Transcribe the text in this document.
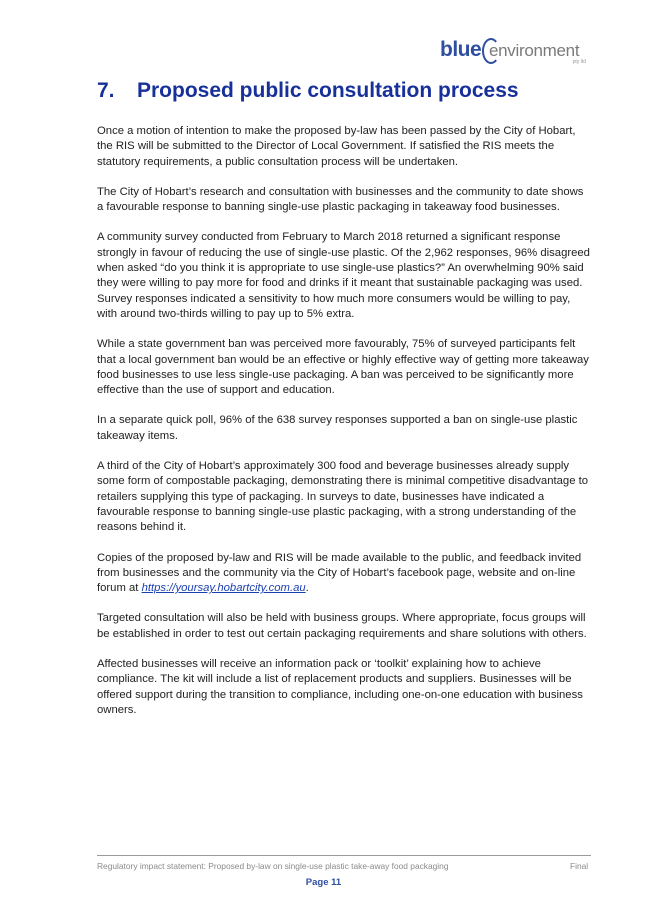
blue environment
pty ltd
7. Proposed public consultation process

Once a motion of intention to make the proposed by-law has been passed by the City of Hobart, the RIS will be submitted to the Director of Local Government. If satisfied the RIS meets the statutory requirements, a public consultation process will be undertaken.

The City of Hobart’s research and consultation with businesses and the community to date shows a favourable response to banning single-use plastic packaging in takeaway food businesses.

A community survey conducted from February to March 2018 returned a significant response strongly in favour of reducing the use of single-use plastic. Of the 2,962 responses, 96% disagreed when asked “do you think it is appropriate to use single-use plastics?” An overwhelming 90% said they were willing to pay more for food and drinks if it meant that sustainable packaging was used. Survey responses indicated a sensitivity to how much more consumers would be willing to pay, with around two-thirds willing to pay up to 5% extra.

While a state government ban was perceived more favourably, 75% of surveyed participants felt that a local government ban would be an effective or highly effective way of getting more takeaway food businesses to use less single-use packaging. A ban was perceived to be significantly more effective than the use of support and education.

In a separate quick poll, 96% of the 638 survey responses supported a ban on single-use plastic takeaway items.

A third of the City of Hobart’s approximately 300 food and beverage businesses already supply some form of compostable packaging, demonstrating there is minimal competitive disadvantage to retailers supplying this type of packaging. In surveys to date, businesses have indicated a favourable response to banning single-use plastic packaging, with a strong understanding of the reasons behind it.

Copies of the proposed by-law and RIS will be made available to the public, and feedback invited from businesses and the community via the City of Hobart’s facebook page, website and on-line forum at https://yoursay.hobartcity.com.au.

Targeted consultation will also be held with business groups. Where appropriate, focus groups will be established in order to test out certain packaging requirements and share solutions with others.

Affected businesses will receive an information pack or ‘toolkit’ explaining how to achieve compliance. The kit will include a list of replacement products and suppliers. Businesses will be offered support during the transition to compliance, including one-on-one education with business owners.

Regulatory impact statement: Proposed by-law on single-use plastic take-away food packaging	Final
Page 11
